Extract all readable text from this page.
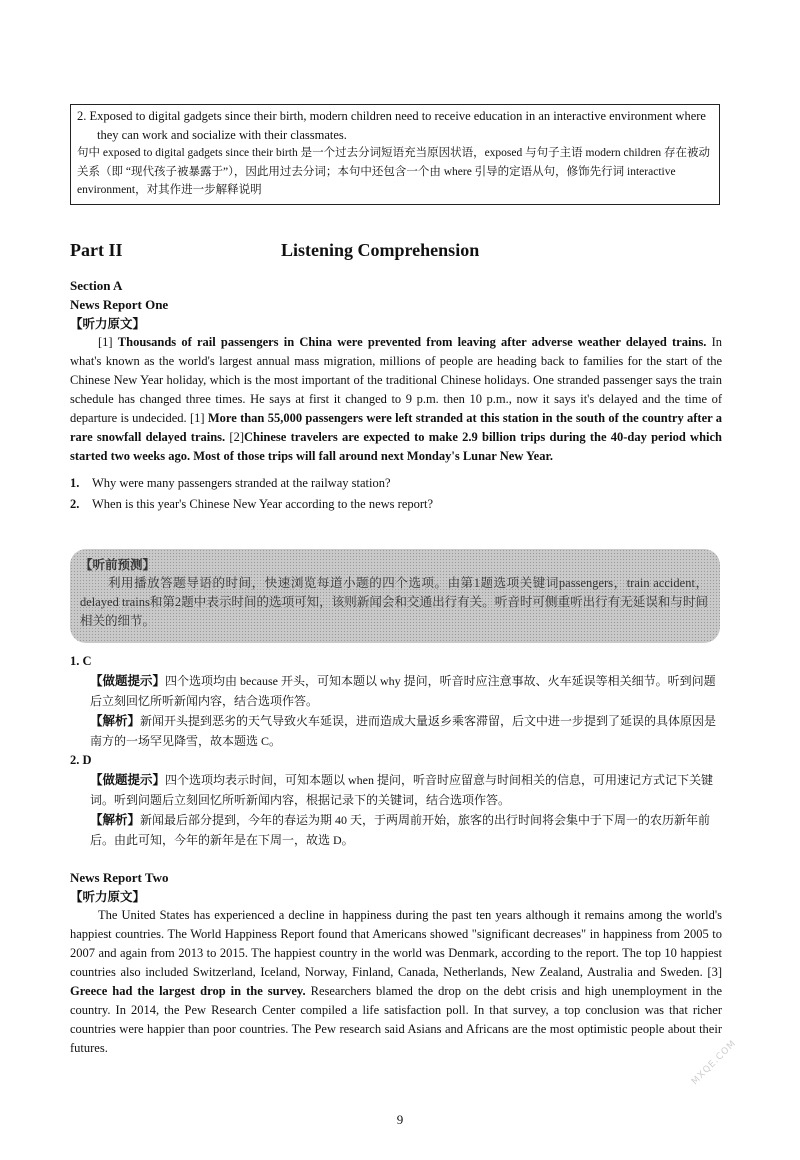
2. Exposed to digital gadgets since their birth, modern children need to receive education in an interactive environment where they can work and socialize with their classmates.

句中 exposed to digital gadgets since their birth 是一个过去分词短语充当原因状语，exposed 与句子主语 modern children 存在被动关系（即 “现代孩子被暴露于”），因此用过去分词；本句中还包含一个由 where 引导的定语从句，修饰先行词 interactive environment，对其作进一步解释说明

Part II	Listening Comprehension
Section A
News Report One
【听力原文】

[1] Thousands of rail passengers in China were prevented from leaving after adverse weather delayed trains. In what's known as the world's largest annual mass migration, millions of people are heading back to families for the start of the Chinese New Year holiday, which is the most important of the traditional Chinese holidays. One stranded passenger says the train schedule has changed three times. He says at first it changed to 9 p.m. then 10 p.m., now it says it's delayed and the time of departure is undecided. [1] More than 55,000 passengers were left stranded at this station in the south of the country after a rare snowfall delayed trains. [2]Chinese travelers are expected to make 2.9 billion trips during the 40-day period which started two weeks ago. Most of those trips will fall around next Monday's Lunar New Year.

1. Why were many passengers stranded at the railway station?

2. When is this year's Chinese New Year according to the news report?

【听前预测】

利用播放答题导语的时间，快速浏览每道小题的四个选项。由第1题选项关键词passengers，train accident，delayed trains和第2题中表示时间的选项可知，该则新闻会和交通出行有关。听音时可侧重听出行有无延误和与时间相关的细节。

1. C

【做题提示】四个选项均由 because 开头，可知本题以 why 提问，听音时应注意事故、火车延误等相关细节。听到问题后立刻回忆所听新闻内容，结合选项作答。

【解析】新闻开头提到恶劣的天气导致火车延误，进而造成大量返乡乘客滞留，后文中进一步提到了延误的具体原因是南方的一场罕见降雪，故本题选 C。

2. D

【做题提示】四个选项均表示时间，可知本题以 when 提问，听音时应留意与时间相关的信息，可用速记方式记下关键词。听到问题后立刻回忆所听新闻内容，根据记录下的关键词，结合选项作答。

【解析】新闻最后部分提到，今年的春运为期 40 天，于两周前开始，旅客的出行时间将会集中于下周一的农历新年前后。由此可知，今年的新年是在下周一，故选 D。

News Report Two
【听力原文】

The United States has experienced a decline in happiness during the past ten years although it remains among the world's happiest countries. The World Happiness Report found that Americans showed "significant decreases" in happiness from 2005 to 2007 and again from 2013 to 2015. The happiest country in the world was Denmark, according to the report. The top 10 happiest countries also included Switzerland, Iceland, Norway, Finland, Canada, Netherlands, New Zealand, Australia and Sweden. [3] Greece had the largest drop in the survey. Researchers blamed the drop on the debt crisis and high unemployment in the country. In 2014, the Pew Research Center compiled a life satisfaction poll. In that survey, a top conclusion was that richer countries were happier than poor countries. The Pew research said Asians and Africans are the most optimistic people about their futures.

9
MXQE.COM
